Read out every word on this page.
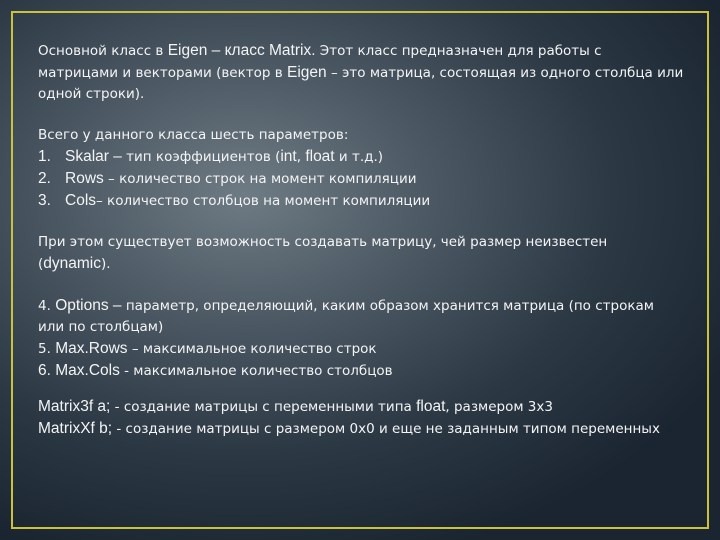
Основной класс в Eigen – класс Matrix. Этот класс предназначен для работы с матрицами и векторами (вектор в Eigen – это матрица, состоящая из одного столбца или одной строки).

Всего у данного класса шесть параметров:

1. Skalar – тип коэффициентов (int, float и т.д.)
2. Rows – количество строк на момент компиляции
3. Cols– количество столбцов на момент компиляции

При этом существует возможность создавать матрицу, чей размер неизвестен (dynamic).

4. Options – параметр, определяющий, каким образом хранится матрица (по строкам или по столбцам)

5. Max.Rows – максимальное количество строк

6. Max.Cols - максимальное количество столбцов

Matrix3f a; - создание матрицы с переменными типа float, размером 3х3

MatrixXf b; - создание матрицы с размером 0х0 и еще не заданным типом переменных
